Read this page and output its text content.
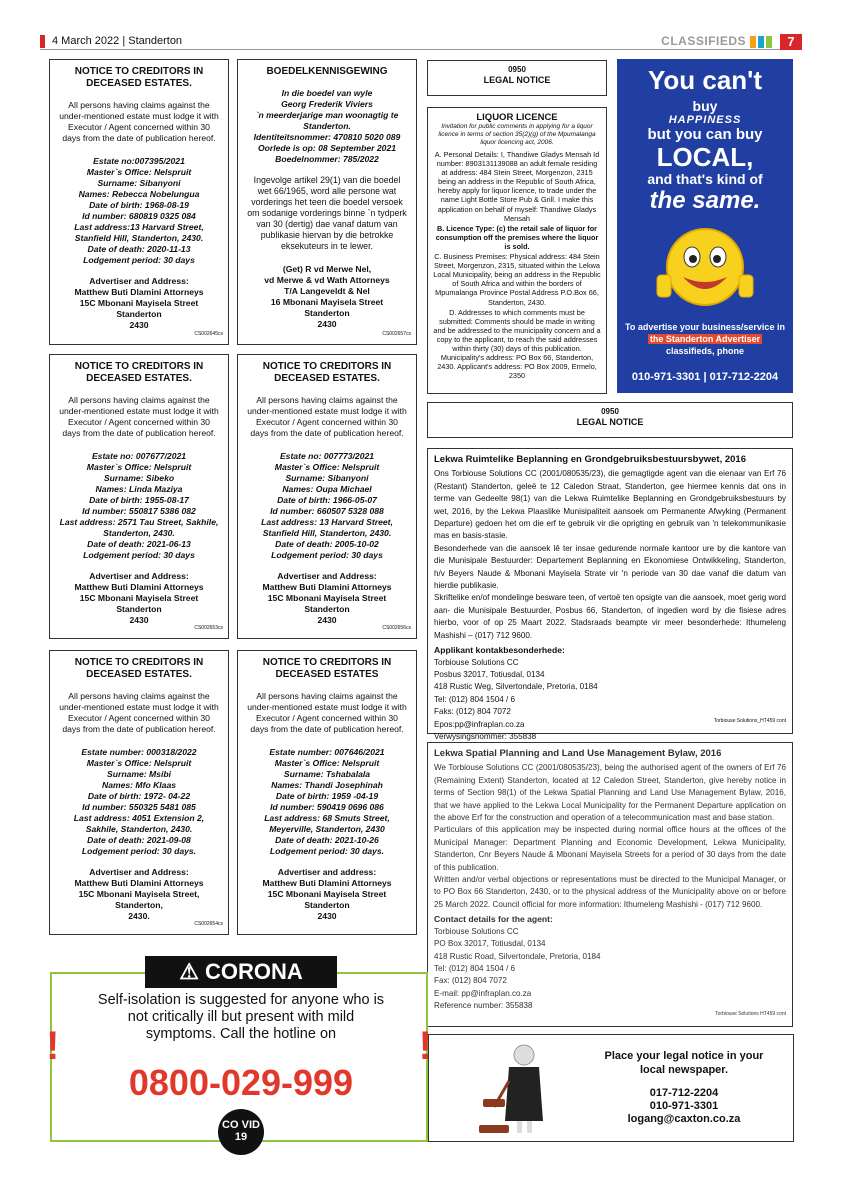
4 March 2022 | Standerton	CLASSIFIEDS	7
NOTICE TO CREDITORS IN DECEASED ESTATES.
All persons having claims against the under-mentioned estate must lodge it with Executor / Agent concerned within 30 days from the date of publication hereof.
Estate no:007395/2021
Master`s Office: Nelspruit
Surname: Sibanyoni
Names: Rebecca Nobelungua
Date of birth: 1968-08-19
Id number: 680819 0325 084
Last address:13 Harvard Street, Stanfield Hill, Standerton, 2430.
Date of death: 2020-11-13
Lodgement period: 30 days
Advertiser and Address:
Matthew Buti Dlamini Attorneys
15C Mbonani Mayisela Street
Standerton
2430
CS002645cs
BOEDELKENNISGEWING
In die boedel van wyle
Georg Frederik Viviers
`n meerderjarige man woonagtig te Standerton.
Identiteitsnommer: 470810 5020 089
Oorlede is op: 08 September 2021
Boedelnommer: 785/2022
Ingevolge artikel 29(1) van die boedel wet 66/1965, word alle persone wat vorderings het teen die boedel versoek om sodanige vorderings binne `n tydperk van 30 (dertig) dae vanaf datum van publikasie hiervan by die betrokke eksekuteurs in te lewer.
(Get) R vd Merwe Nel,
vd Merwe & vd Wath Attorneys
T/A Langeveldt & Nel
16 Mbonani Mayisela Street
Standerton
2430
CS002657cs
NOTICE TO CREDITORS IN DECEASED ESTATES.
All persons having claims against the under-mentioned estate must lodge it with Executor / Agent concerned within 30 days from the date of publication hereof.
Estate no: 007677/2021
Master`s Office: Nelspruit
Surname: Sibeko
Names: Linda Maziya
Date of birth: 1955-08-17
Id number: 550817 5386 082
Last address: 2571 Tau Street, Sakhile, Standerton, 2430.
Date of death: 2021-06-13
Lodgement period: 30 days
Advertiser and Address:
Matthew Buti Dlamini Attorneys
15C Mbonani Mayisela Street
Standerton
2430
CS002653cs
NOTICE TO CREDITORS IN DECEASED ESTATES.
All persons having claims against the under-mentioned estate must lodge it with Executor / Agent concerned within 30 days from the date of publication hereof.
Estate no: 007773/2021
Master`s Office: Nelspruit
Surname: Sibanyoni
Names: Oupa Michael
Date of birth: 1966-05-07
Id number: 660507 5328 088
Last address: 13 Harvard Street, Stanfield Hill, Standerton, 2430.
Date of death: 2005-10-02
Lodgement period: 30 days
Advertiser and Address:
Matthew Buti Dlamini Attorneys
15C Mbonani Mayisela Street
Standerton
2430
CS002656cs
NOTICE TO CREDITORS IN DECEASED ESTATES.
All persons having claims against the under-mentioned estate must lodge it with Executor / Agent concerned within 30 days from the date of publication hereof.
Estate number: 000318/2022
Master`s Office: Nelspruit
Surname: Msibi
Names: Mfo Klaas
Date of birth: 1972- 04-22
Id number: 550325 5481 085
Last address: 4051 Extension 2, Sakhile, Standerton, 2430.
Date of death: 2021-09-08
Lodgement period: 30 days.
Advertiser and Address:
Matthew Buti Dlamini Attorneys
15C Mbonani Mayisela Street,
Standerton,
2430.
CS002654cs
NOTICE TO CREDITORS IN DECEASED ESTATES
All persons having claims against the under-mentioned estate must lodge it with Executor / Agent concerned within 30 days from the date of publication hereof.
Estate number: 007646/2021
Master`s Office: Nelspruit
Surname: Tshabalala
Names: Thandi Josephinah
Date of birth: 1959 -04-19
Id number: 590419 0696 086
Last address: 68 Smuts Street, Meyerville, Standerton, 2430
Date of death: 2021-10-26
Lodgement period: 30 days.
Advertiser and address:
Matthew Buti Dlamini Attorneys
15C Mbonani Mayisela Street
Standerton
2430
0950
LEGAL NOTICE
LIQUOR LICENCE
Invitation for public comments in applying for a liquor licence in terms of section 35(2)(g) of the Mpumalanga liquor licencing act, 2006.

A. Personal Details: I, Thandiwe Gladys Mensah Id number: 8903131139088 an adult female residing at address: 484 Stein Street, Morgenzon, 2315 being an address in the Republic of South Africa, hereby apply for liquor licence, to trade under the name Light Bottle Store Pub & Grill. I make this application on behalf of myself: Thandiwe Gladys Mensah

B. Licence Type: (c) the retail sale of liquor for consumption off the premises where the liquor is sold.

C. Business Premises: Physical address: 484 Stein Street, Morgenzon, 2315, situated within the Lekwa Local Municipality, being an address in the Republic of South Africa and within the borders of Mpumalanga Province Postal Address P.O.Box 66, Standerton, 2430.

D. Addresses to which comments must be submitted: Comments should be made in writing and be addressed to the municipality concern and a copy to the applicant, to reach the said addresses within thirty (30) days of this publication. Municipality's address: PO Box 66, Standerton, 2430. Applicant's address: PO Box 2009, Ermelo, 2350

You can't
buy
HAPPINESS
but you can buy
LOCAL,
and that's kind of
the same.
To advertise your business/service in
the Standerton Advertiser
classifieds, phone
010-971-3301 | 017-712-2204
0950
LEGAL NOTICE
Lekwa Ruimtelike Beplanning en Grondgebruiksbestuursbywet, 2016
Ons Torbiouse Solutions CC (2001/080535/23), die gemagtigde agent van die eienaar van Erf 76 (Restant) Standerton, geleë te 12 Caledon Straat, Standerton, gee hiermee kennis dat ons in terme van Gedeelte 98(1) van die Lekwa Ruimtelike Beplanning en Grondgebruiksbestuurs by wet, 2016, by the Lekwa Plaaslike Munisipaliteit aansoek om Permanente Afwyking (Permanent Departure) gedoen het om die erf te gebruik vir die oprigting en gebruik van 'n telekommunikasie mas en basis-stasie.
Besonderhede van die aansoek lê ter insae gedurende normale kantoor ure by die kantore van die Munisipale Bestuurder: Departement Beplanning en Ekonomiese Ontwikkeling, Standerton, h/v Beyers Naude & Mbonani Mayisela Strate vir 'n periode van 30 dae vanaf die datum van hierdie publikasie.
Skriftelike en/of mondelinge besware teen, of vertoë ten opsigte van die aansoek, moet gerig word aan- die Munisipale Bestuurder, Posbus 66, Standerton, of ingedien word by die fisiese adres hierbo, voor of op 25 Maart 2022. Stadsraads beampte vir meer besonderhede: Ithumeleng Mashishi – (017) 712 9600.
Applikant kontakbesonderhede:
Torbiouse Solutions CC
Posbus 32017, Totiusdal, 0134
418 Rustic Weg, Silvertondale, Pretoria, 0184
Tel: (012) 804 1504 / 6
Faks: (012) 804 7072
Epos:pp@infraplan.co.za
Verwysingsnommer: 355838
Torbiouse Solutions_HT459 cont
Lekwa Spatial Planning and Land Use Management Bylaw, 2016
We Torbiouse Solutions CC (2001/080535/23), being the authorised agent of the owners of Erf 76 (Remaining Extent) Standerton, located at 12 Caledon Street, Standerton, give hereby notice in terms of Section 98(1) of the Lekwa Spatial Planning and Land Use Management Bylaw, 2016, that we have applied to the Lekwa Local Municipality for the Permanent Departure application on the above Erf for the construction and operation of a telecommunication mast and base station.
Particulars of this application may be inspected during normal office hours at the offices of the Municipal Manager: Department Planning and Economic Development, Lekwa Municipality, Standerton, Cnr Beyers Naude & Mbonani Mayisela Streets for a period of 30 days from the date of this publication.
Written and/or verbal objections or representations must be directed to the Municipal Manager, or to PO Box 66 Standerton, 2430, or to the physical address of the Municipality above on or before 25 March 2022. Council official for more information: Ithumeleng Mashishi - (017) 712 9600.
Contact details for the agent:
Torbiouse Solutions CC
PO Box 32017, Totiusdal, 0134
418 Rustic Road, Silvertondale, Pretoria, 0184
Tel: (012) 804 1504 / 6
Fax: (012) 804 7072
E-mail: pp@infraplan.co.za
Reference number: 355838
Torbiouse Solutions HT459 cont
⚠ CORONA
Self-isolation is suggested for anyone who is not critically ill but present with mild symptoms. Call the hotline on
!	!
0800-029-999
CO VID 19
Place your legal notice in your local newspaper.
017-712-2204
010-971-3301
logang@caxton.co.za
